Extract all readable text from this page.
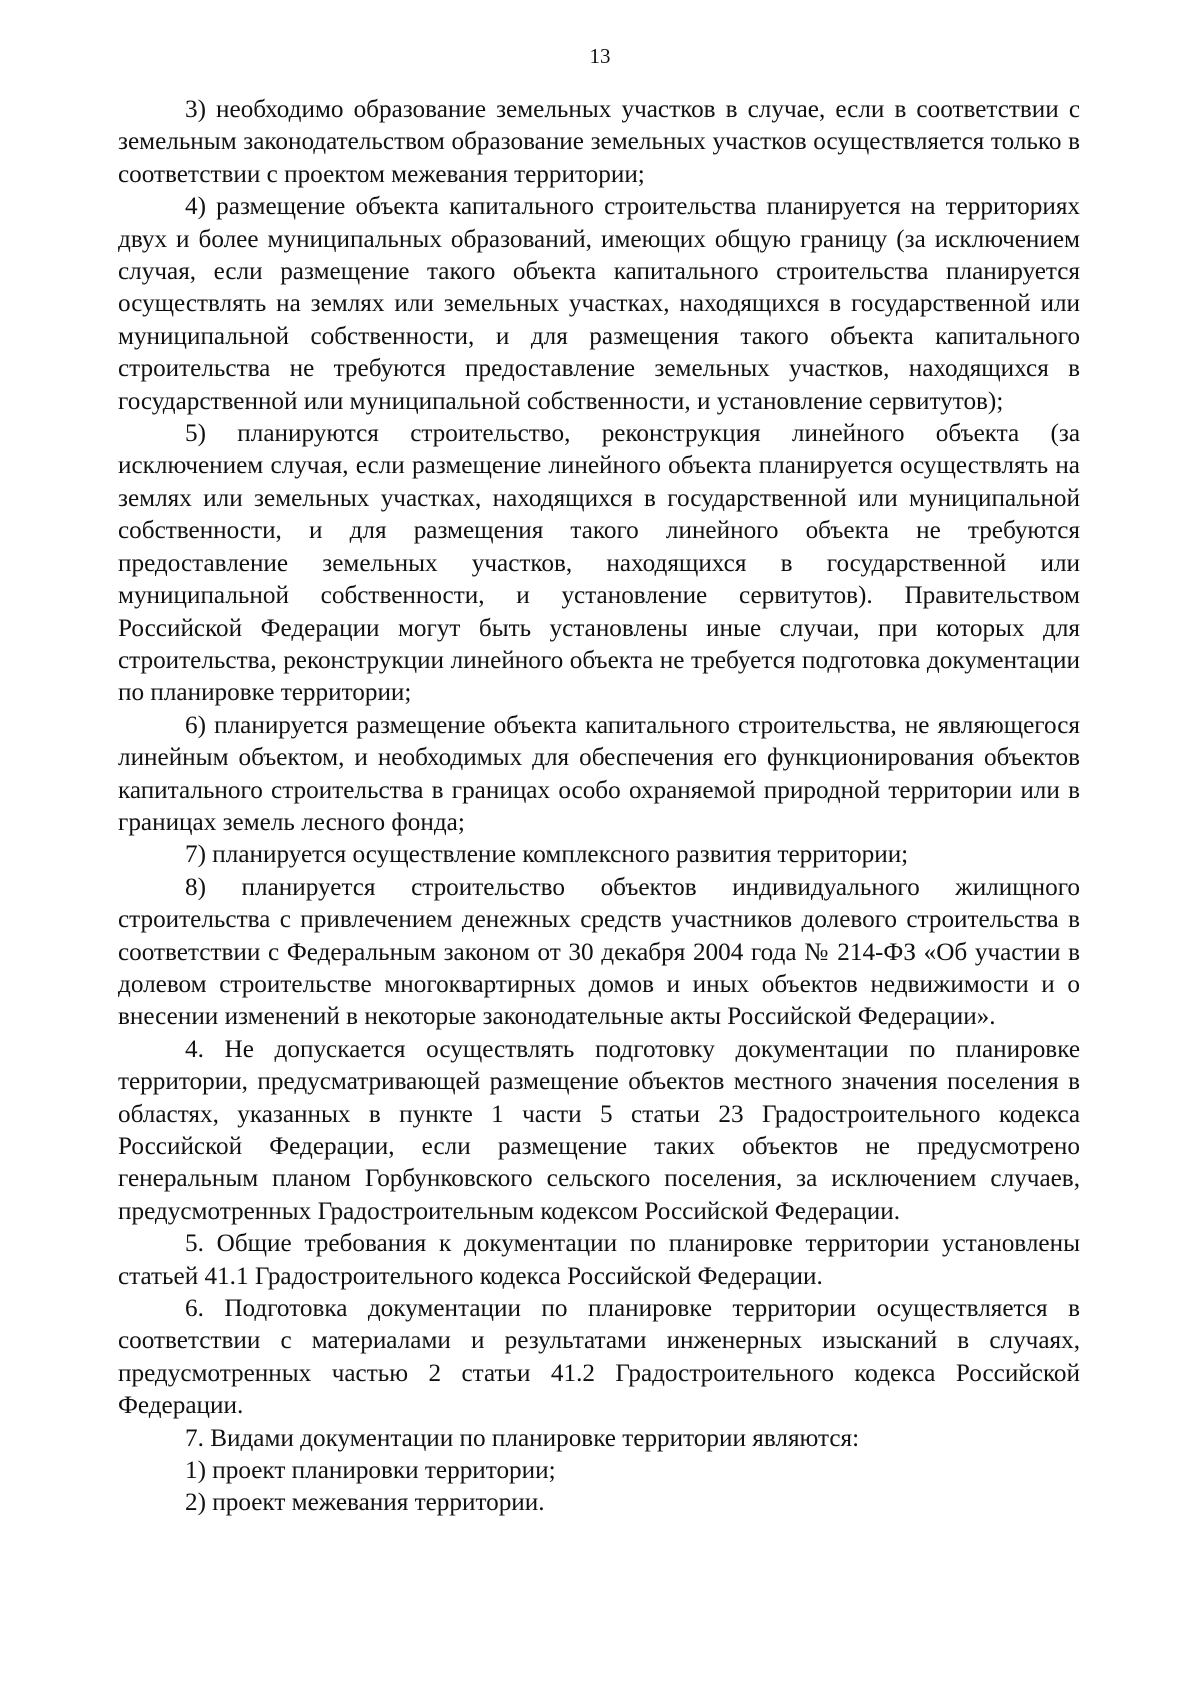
13

3) необходимо образование земельных участков в случае, если в соответствии с земельным законодательством образование земельных участков осуществляется только в соответствии с проектом межевания территории;

4) размещение объекта капитального строительства планируется на территориях двух и более муниципальных образований, имеющих общую границу (за исключением случая, если размещение такого объекта капитального строительства планируется осуществлять на землях или земельных участках, находящихся в государственной или муниципальной собственности, и для размещения такого объекта капитального строительства не требуются предоставление земельных участков, находящихся в государственной или муниципальной собственности, и установление сервитутов);

5) планируются строительство, реконструкция линейного объекта (за исключением случая, если размещение линейного объекта планируется осуществлять на землях или земельных участках, находящихся в государственной или муниципальной собственности, и для размещения такого линейного объекта не требуются предоставление земельных участков, находящихся в государственной или муниципальной собственности, и установление сервитутов). Правительством Российской Федерации могут быть установлены иные случаи, при которых для строительства, реконструкции линейного объекта не требуется подготовка документации по планировке территории;

6) планируется размещение объекта капитального строительства, не являющегося линейным объектом, и необходимых для обеспечения его функционирования объектов капитального строительства в границах особо охраняемой природной территории или в границах земель лесного фонда;

7) планируется осуществление комплексного развития территории;

8) планируется строительство объектов индивидуального жилищного строительства с привлечением денежных средств участников долевого строительства в соответствии с Федеральным законом от 30 декабря 2004 года № 214-ФЗ «Об участии в долевом строительстве многоквартирных домов и иных объектов недвижимости и о внесении изменений в некоторые законодательные акты Российской Федерации».

4. Не допускается осуществлять подготовку документации по планировке территории, предусматривающей размещение объектов местного значения поселения в областях, указанных в пункте 1 части 5 статьи 23 Градостроительного кодекса Российской Федерации, если размещение таких объектов не предусмотрено генеральным планом Горбунковского сельского поселения, за исключением случаев, предусмотренных Градостроительным кодексом Российской Федерации.

5. Общие требования к документации по планировке территории установлены статьей 41.1 Градостроительного кодекса Российской Федерации.

6. Подготовка документации по планировке территории осуществляется в соответствии с материалами и результатами инженерных изысканий в случаях, предусмотренных частью 2 статьи 41.2 Градостроительного кодекса Российской Федерации.

7. Видами документации по планировке территории являются:

1) проект планировки территории;

2) проект межевания территории.
